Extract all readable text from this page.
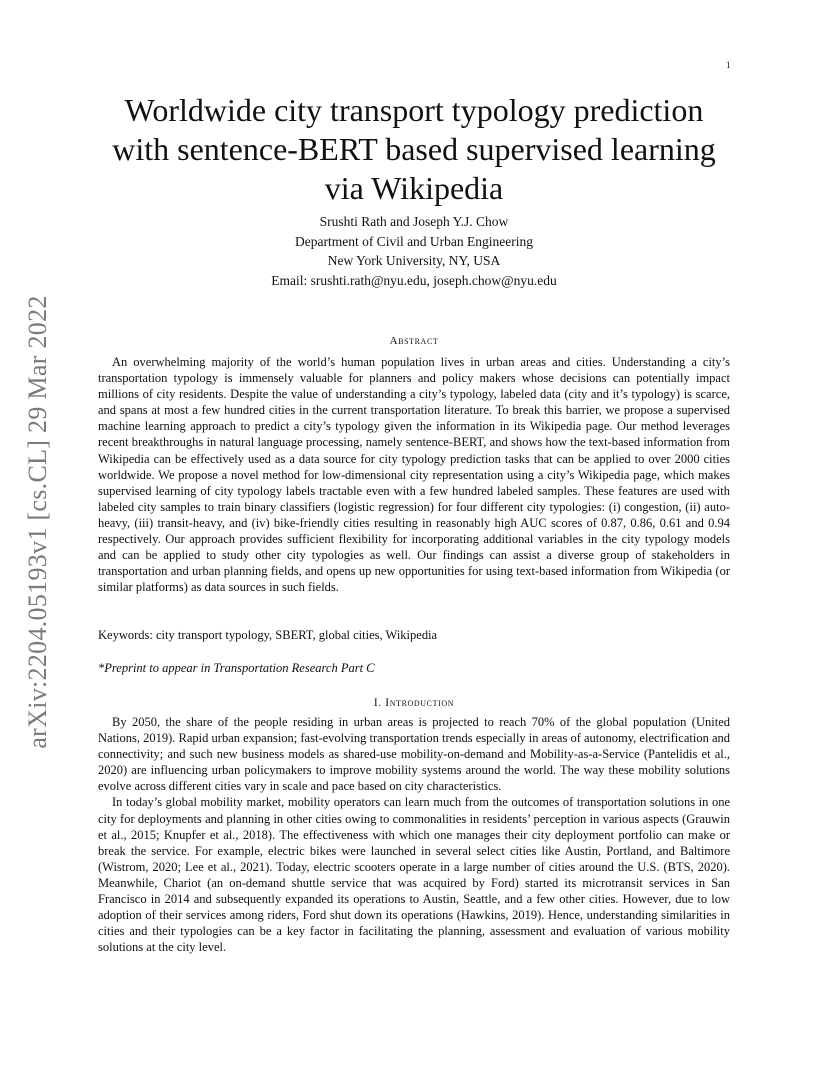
1
arXiv:2204.05193v1 [cs.CL] 29 Mar 2022
Worldwide city transport typology prediction
with sentence-BERT based supervised learning
via Wikipedia
Srushti Rath and Joseph Y.J. Chow
Department of Civil and Urban Engineering
New York University, NY, USA
Email: srushti.rath@nyu.edu, joseph.chow@nyu.edu
Abstract

An overwhelming majority of the world’s human population lives in urban areas and cities. Understanding a city’s transportation typology is immensely valuable for planners and policy makers whose decisions can potentially impact millions of city residents. Despite the value of understanding a city’s typology, labeled data (city and it’s typology) is scarce, and spans at most a few hundred cities in the current transportation literature. To break this barrier, we propose a supervised machine learning approach to predict a city’s typology given the information in its Wikipedia page. Our method leverages recent breakthroughs in natural language processing, namely sentence-BERT, and shows how the text-based information from Wikipedia can be effectively used as a data source for city typology prediction tasks that can be applied to over 2000 cities worldwide. We propose a novel method for low-dimensional city representation using a city’s Wikipedia page, which makes supervised learning of city typology labels tractable even with a few hundred labeled samples. These features are used with labeled city samples to train binary classifiers (logistic regression) for four different city typologies: (i) congestion, (ii) auto-heavy, (iii) transit-heavy, and (iv) bike-friendly cities resulting in reasonably high AUC scores of 0.87, 0.86, 0.61 and 0.94 respectively. Our approach provides sufficient flexibility for incorporating additional variables in the city typology models and can be applied to study other city typologies as well. Our findings can assist a diverse group of stakeholders in transportation and urban planning fields, and opens up new opportunities for using text-based information from Wikipedia (or similar platforms) as data sources in such fields.

Keywords: city transport typology, SBERT, global cities, Wikipedia
*Preprint to appear in Transportation Research Part C
I. Introduction

By 2050, the share of the people residing in urban areas is projected to reach 70% of the global population (United Nations, 2019). Rapid urban expansion; fast-evolving transportation trends especially in areas of autonomy, electrification and connectivity; and such new business models as shared-use mobility-on-demand and Mobility-as-a-Service (Pantelidis et al., 2020) are influencing urban policymakers to improve mobility systems around the world. The way these mobility solutions evolve across different cities vary in scale and pace based on city characteristics.

In today’s global mobility market, mobility operators can learn much from the outcomes of transportation solutions in one city for deployments and planning in other cities owing to commonalities in residents’ perception in various aspects (Grauwin et al., 2015; Knupfer et al., 2018). The effectiveness with which one manages their city deployment portfolio can make or break the service. For example, electric bikes were launched in several select cities like Austin, Portland, and Baltimore (Wistrom, 2020; Lee et al., 2021). Today, electric scooters operate in a large number of cities around the U.S. (BTS, 2020). Meanwhile, Chariot (an on-demand shuttle service that was acquired by Ford) started its microtransit services in San Francisco in 2014 and subsequently expanded its operations to Austin, Seattle, and a few other cities. However, due to low adoption of their services among riders, Ford shut down its operations (Hawkins, 2019). Hence, understanding similarities in cities and their typologies can be a key factor in facilitating the planning, assessment and evaluation of various mobility solutions at the city level.
